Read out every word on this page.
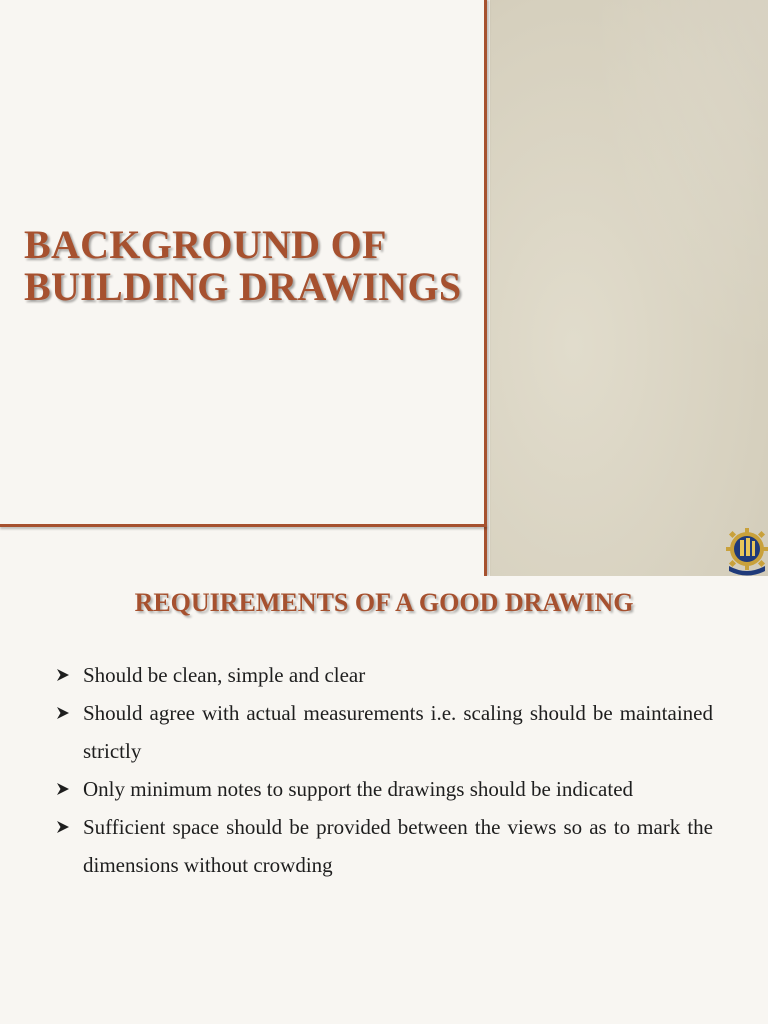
BACKGROUND OF
BUILDING DRAWINGS
REQUIREMENTS OF A GOOD DRAWING
Should be clean, simple and clear
Should agree with actual measurements i.e. scaling should be maintained strictly
Only minimum notes to support the drawings should be indicated
Sufficient space should be provided between the views so as to mark the dimensions without crowding
